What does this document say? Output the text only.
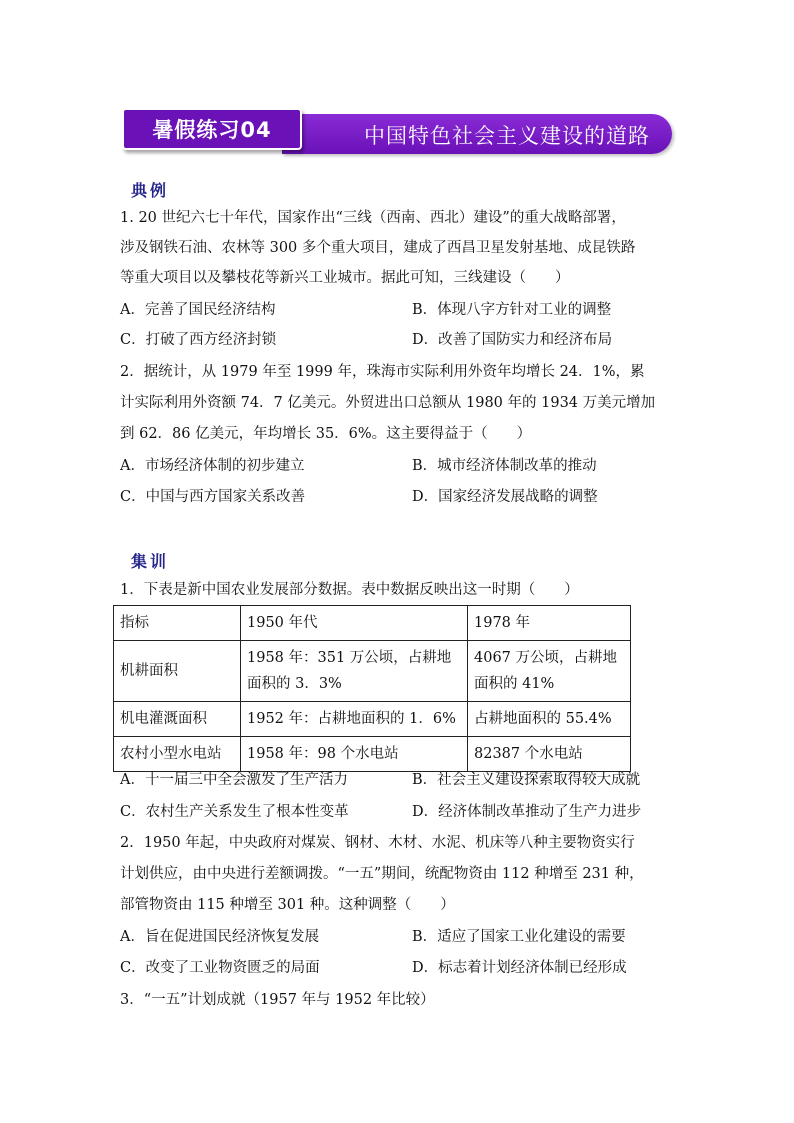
中国特色社会主义建设的道路
暑假练习04
典例
1. 20 世纪六七十年代，国家作出“三线（西南、西北）建设”的重大战略部署，
涉及钢铁石油、农林等 300 多个重大项目，建成了西昌卫星发射基地、成昆铁路
等重大项目以及攀枝花等新兴工业城市。据此可知，三线建设（　　）
A．完善了国民经济结构	B．体现八字方针对工业的调整
C．打破了西方经济封锁	D．改善了国防实力和经济布局
2．据统计，从 1979 年至 1999 年，珠海市实际利用外资年均增长 24．1%，累
计实际利用外资额 74．7 亿美元。外贸进出口总额从 1980 年的 1934 万美元增加
到 62．86 亿美元，年均增长 35．6%。这主要得益于（　　）
A．市场经济体制的初步建立	B．城市经济体制改革的推动
C．中国与西方国家关系改善	D．国家经济发展战略的调整
集训
1．下表是新中国农业发展部分数据。表中数据反映出这一时期（　　）
指标	1950 年代	1978 年
机耕面积	1958 年：351 万公顷，占耕地面积的 3．3%	4067 万公顷，占耕地面积的 41%
机电灌溉面积	1952 年：占耕地面积的 1．6%	占耕地面积的 55.4%
农村小型水电站	1958 年：98 个水电站	82387 个水电站
A．十一届三中全会激发了生产活力	B．社会主义建设探索取得较大成就
C．农村生产关系发生了根本性变革	D．经济体制改革推动了生产力进步
2．1950 年起，中央政府对煤炭、钢材、木材、水泥、机床等八种主要物资实行
计划供应，由中央进行差额调拨。“一五”期间，统配物资由 112 种增至 231 种，
部管物资由 115 种增至 301 种。这种调整（　　）
A．旨在促进国民经济恢复发展	B．适应了国家工业化建设的需要
C．改变了工业物资匮乏的局面	D．标志着计划经济体制已经形成
3．“一五”计划成就（1957 年与 1952 年比较）
